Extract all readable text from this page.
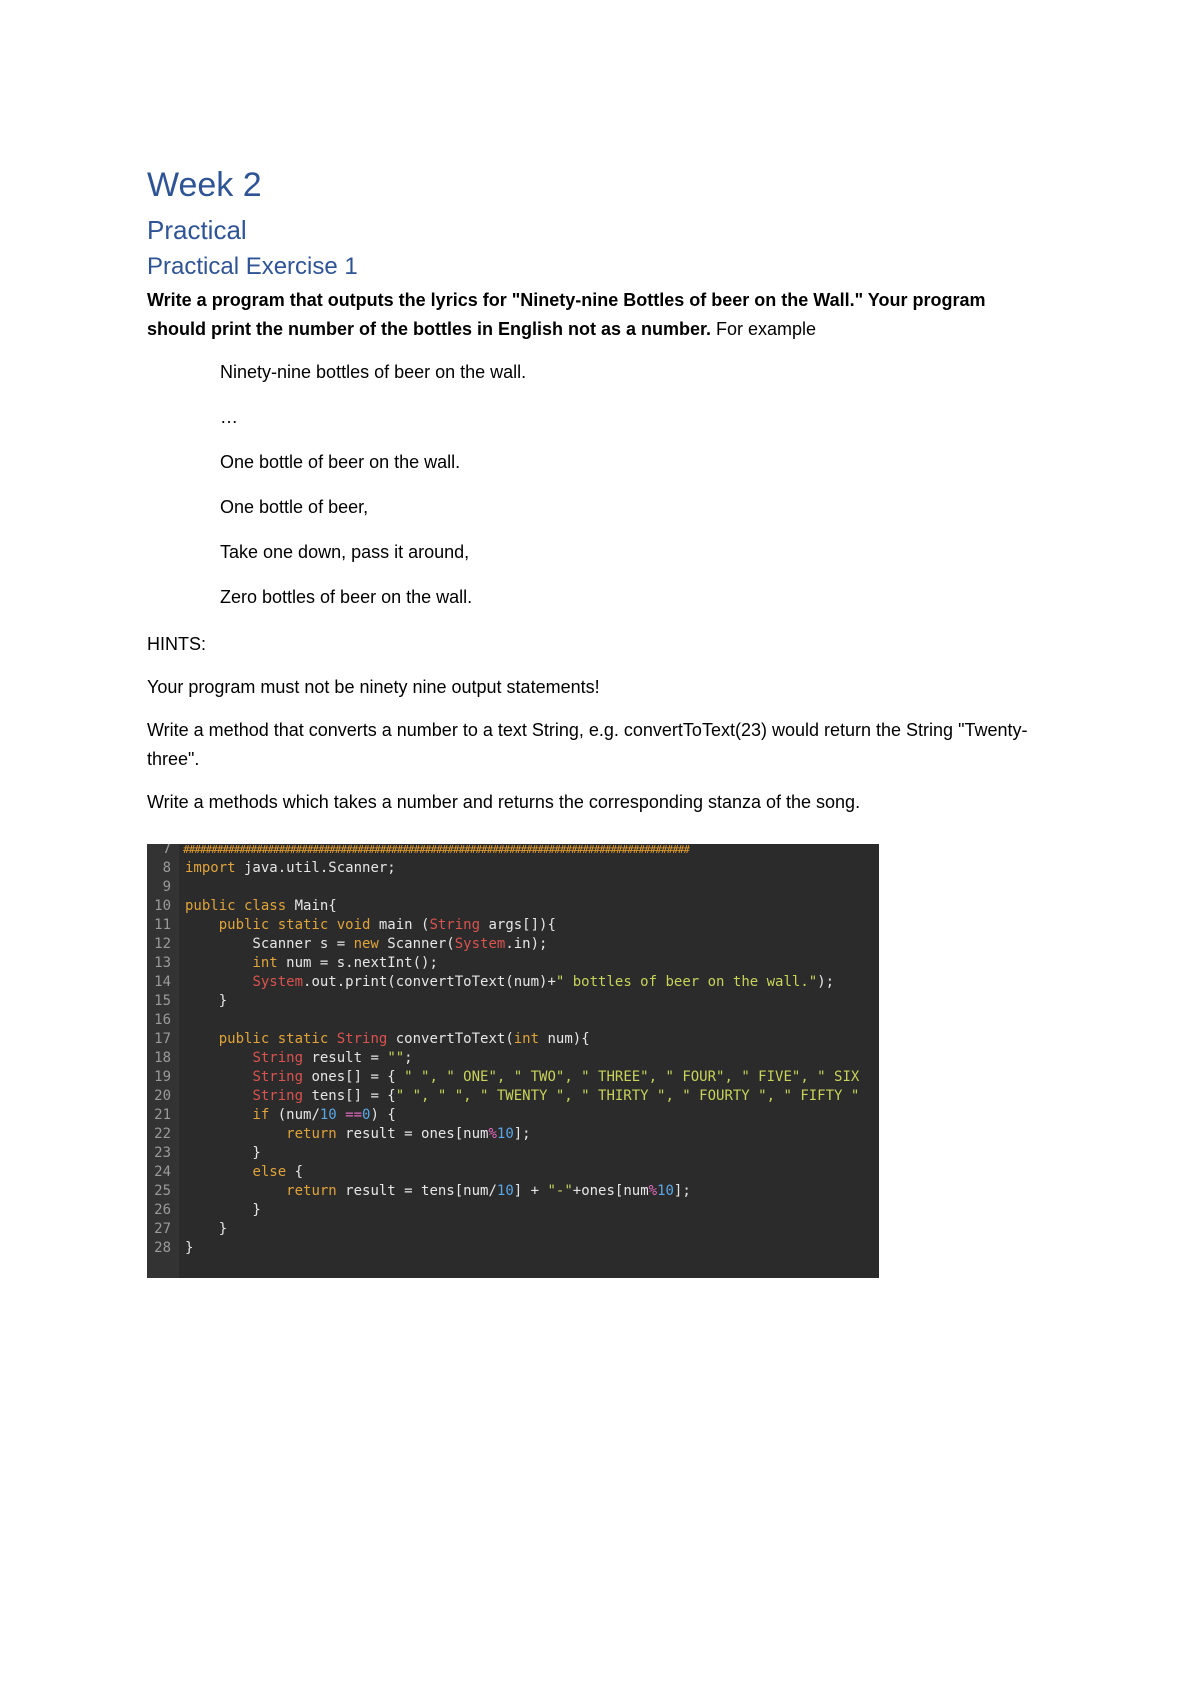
Week 2
Practical
Practical Exercise 1

Write a program that outputs the lyrics for "Ninety-nine Bottles of beer on the Wall." Your program should print the number of the bottles in English not as a number. For example

Ninety-nine bottles of beer on the wall.

…

One bottle of beer on the wall.

One bottle of beer,

Take one down, pass it around,

Zero bottles of beer on the wall.

HINTS:

Your program must not be ninety nine output statements!

Write a method that converts a number to a text String, e.g. convertToText(23) would return the String "Twenty-three".

Write a methods which takes a number and returns the corresponding stanza of the song.

##########################################################################################
7
8 import java.util.Scanner;
9
10 public class Main{
11	public static void main (String args[]){
12        Scanner s = new Scanner(System.in);
13	int num = s.nextInt();
14	System.out.print(convertToText(num)+" bottles of beer on the wall.");
15    }
16
17	public static String convertToText(int num){
18	String result = "";
19	String ones[] = { " ", " ONE", " TWO", " THREE", " FOUR", " FIVE", " SIX
20	String tens[] = {" ", " ", " TWENTY ", " THIRTY ", " FOURTY ", " FIFTY "
21	if (num/10 ==0) {
22	return result = ones[num%10];
23        }
24	else {
25	return result = tens[num/10] + "-"+ones[num%10];
26        }
27    }
28 }
